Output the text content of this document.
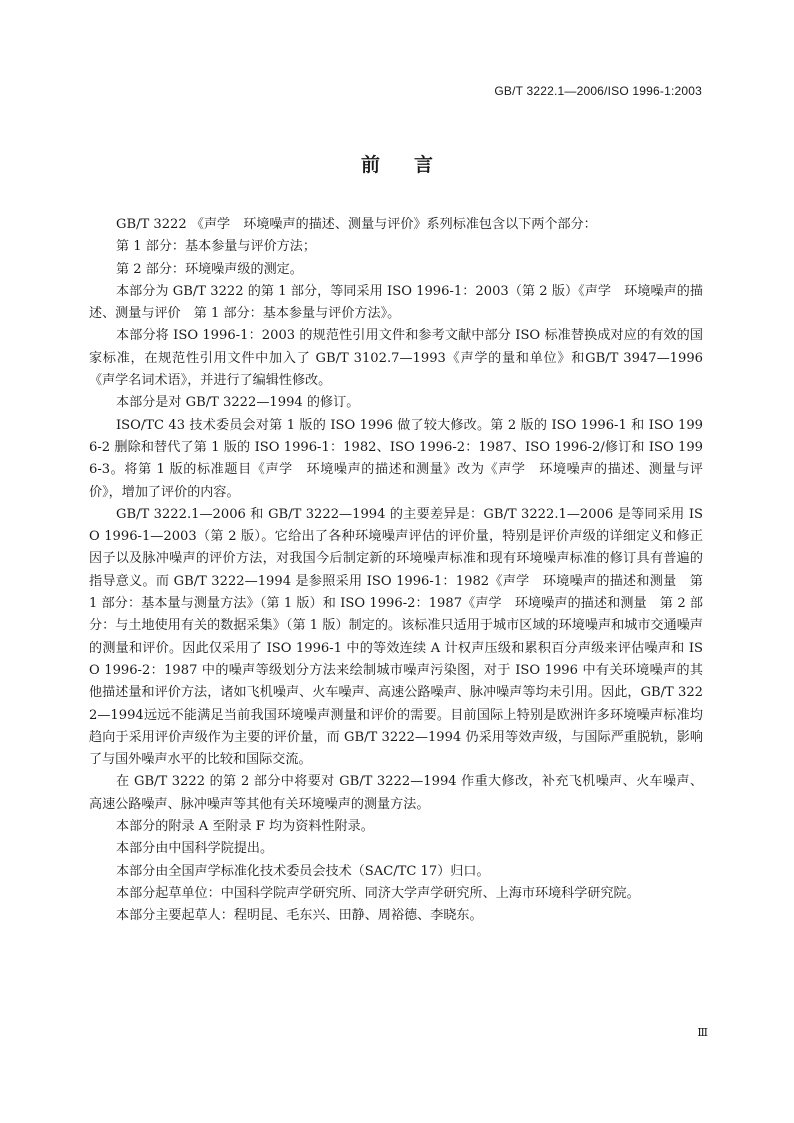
GB/T 3222.1—2006/ISO 1996-1:2003
前言

GB/T 3222 《声学　环境噪声的描述、测量与评价》系列标准包含以下两个部分：

第 1 部分：基本参量与评价方法；

第 2 部分：环境噪声级的测定。

本部分为 GB/T 3222 的第 1 部分，等同采用 ISO 1996-1：2003（第 2 版）《声学　环境噪声的描述、测量与评价　第 1 部分：基本参量与评价方法》。

本部分将 ISO 1996-1：2003 的规范性引用文件和参考文献中部分 ISO 标准替换成对应的有效的国家标准，在规范性引用文件中加入了 GB/T 3102.7—1993《声学的量和单位》和GB/T 3947—1996《声学名词术语》，并进行了编辑性修改。

本部分是对 GB/T 3222—1994 的修订。

ISO/TC 43 技术委员会对第 1 版的 ISO 1996 做了较大修改。第 2 版的 ISO 1996-1 和 ISO 1996-2 删除和替代了第 1 版的 ISO 1996-1：1982、ISO 1996-2：1987、ISO 1996-2/修订和 ISO 1996-3。将第 1 版的标准题目《声学　环境噪声的描述和测量》改为《声学　环境噪声的描述、测量与评价》，增加了评价的内容。

GB/T 3222.1—2006 和 GB/T 3222—1994 的主要差异是：GB/T 3222.1—2006 是等同采用 ISO 1996-1—2003（第 2 版）。它给出了各种环境噪声评估的评价量，特别是评价声级的详细定义和修正因子以及脉冲噪声的评价方法，对我国今后制定新的环境噪声标准和现有环境噪声标准的修订具有普遍的指导意义。而 GB/T 3222—1994 是参照采用 ISO 1996-1：1982《声学　环境噪声的描述和测量　第 1 部分：基本量与测量方法》（第 1 版）和 ISO 1996-2：1987《声学　环境噪声的描述和测量　第 2 部分：与土地使用有关的数据采集》（第 1 版）制定的。该标准只适用于城市区域的环境噪声和城市交通噪声的测量和评价。因此仅采用了 ISO 1996-1 中的等效连续 A 计权声压级和累积百分声级来评估噪声和 ISO 1996-2：1987 中的噪声等级划分方法来绘制城市噪声污染图，对于 ISO 1996 中有关环境噪声的其他描述量和评价方法，诸如飞机噪声、火车噪声、高速公路噪声、脉冲噪声等均未引用。因此，GB/T 3222—1994远远不能满足当前我国环境噪声测量和评价的需要。目前国际上特别是欧洲许多环境噪声标准均趋向于采用评价声级作为主要的评价量，而 GB/T 3222—1994 仍采用等效声级，与国际严重脱轨，影响了与国外噪声水平的比较和国际交流。

在 GB/T 3222 的第 2 部分中将要对 GB/T 3222—1994 作重大修改，补充飞机噪声、火车噪声、高速公路噪声、脉冲噪声等其他有关环境噪声的测量方法。

本部分的附录 A 至附录 F 均为资料性附录。

本部分由中国科学院提出。

本部分由全国声学标准化技术委员会技术（SAC/TC 17）归口。

本部分起草单位：中国科学院声学研究所、同济大学声学研究所、上海市环境科学研究院。

本部分主要起草人：程明昆、毛东兴、田静、周裕德、李晓东。

Ⅲ
